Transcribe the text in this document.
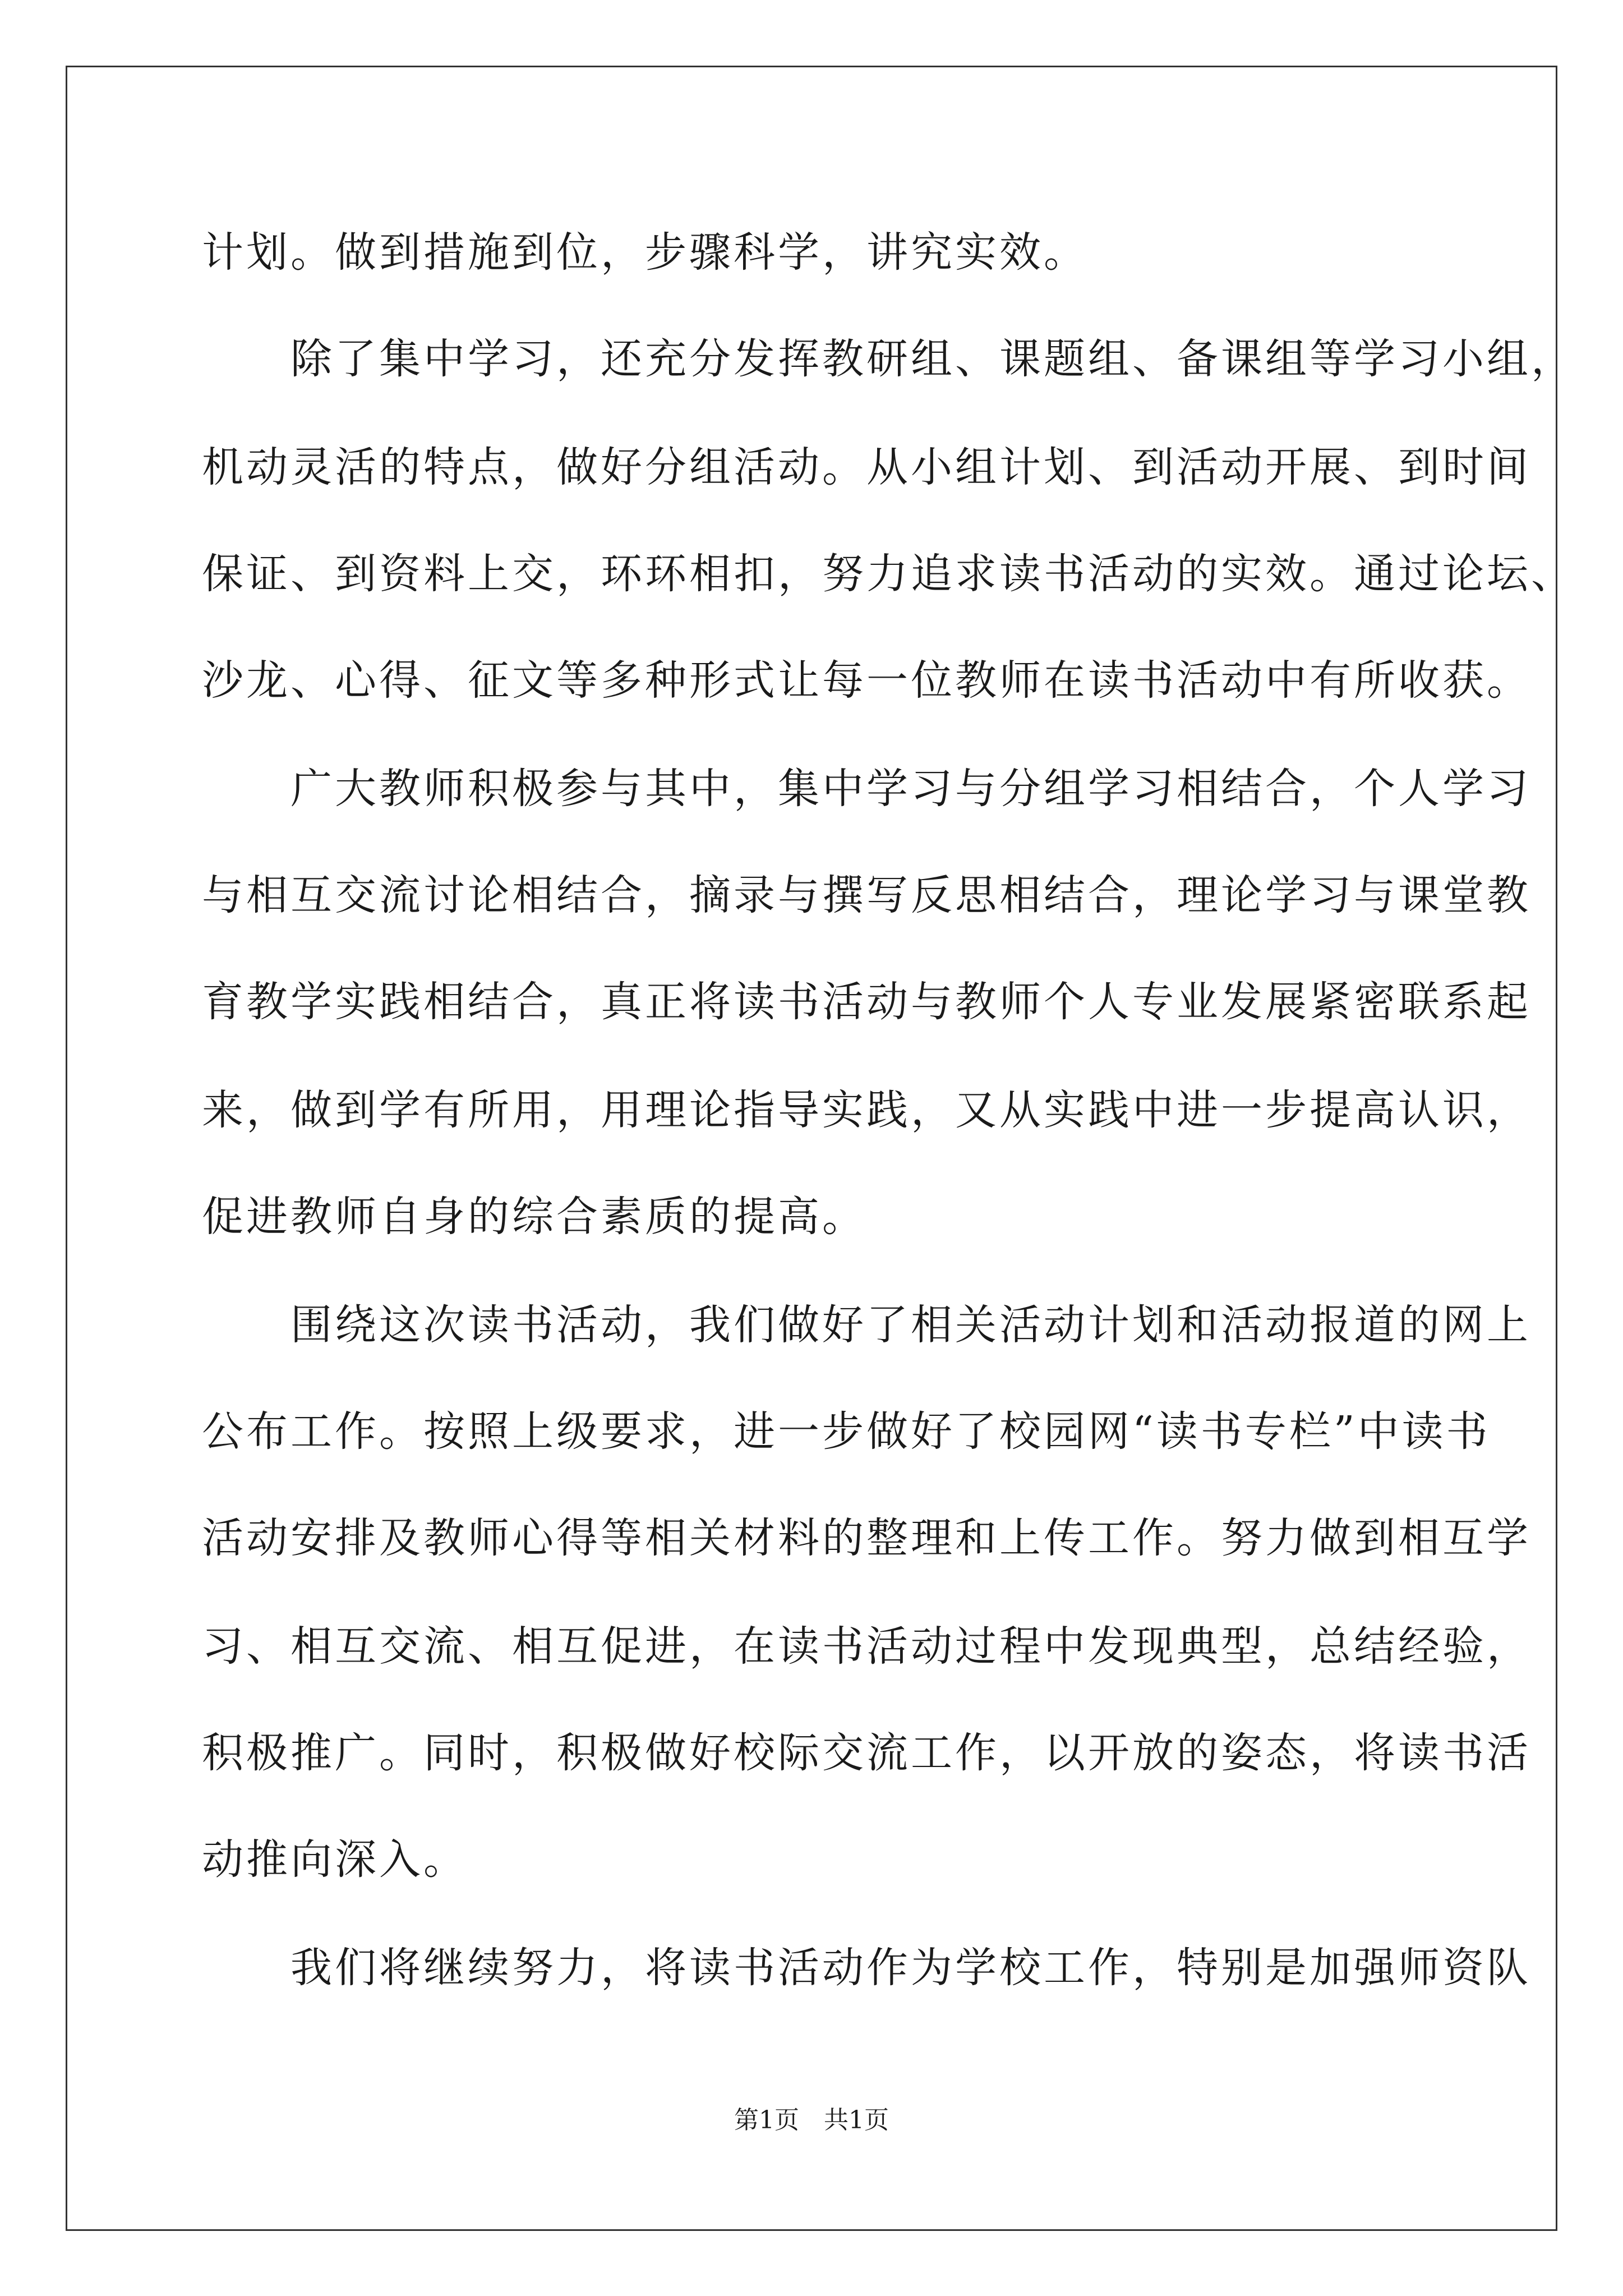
计划。做到措施到位，步骤科学，讲究实效。
　　除了集中学习，还充分发挥教研组、课题组、备课组等学习小组，
机动灵活的特点，做好分组活动。从小组计划、到活动开展、到时间
保证、到资料上交，环环相扣，努力追求读书活动的实效。通过论坛、
沙龙、心得、征文等多种形式让每一位教师在读书活动中有所收获。
　　广大教师积极参与其中，集中学习与分组学习相结合，个人学习
与相互交流讨论相结合，摘录与撰写反思相结合，理论学习与课堂教
育教学实践相结合，真正将读书活动与教师个人专业发展紧密联系起
来，做到学有所用，用理论指导实践，又从实践中进一步提高认识，
促进教师自身的综合素质的提高。
　　围绕这次读书活动，我们做好了相关活动计划和活动报道的网上
公布工作。按照上级要求，进一步做好了校园网“读书专栏”中读书
活动安排及教师心得等相关材料的整理和上传工作。努力做到相互学
习、相互交流、相互促进，在读书活动过程中发现典型，总结经验，
积极推广。同时，积极做好校际交流工作，以开放的姿态，将读书活
动推向深入。
　　我们将继续努力，将读书活动作为学校工作，特别是加强师资队
第1页　共1页
